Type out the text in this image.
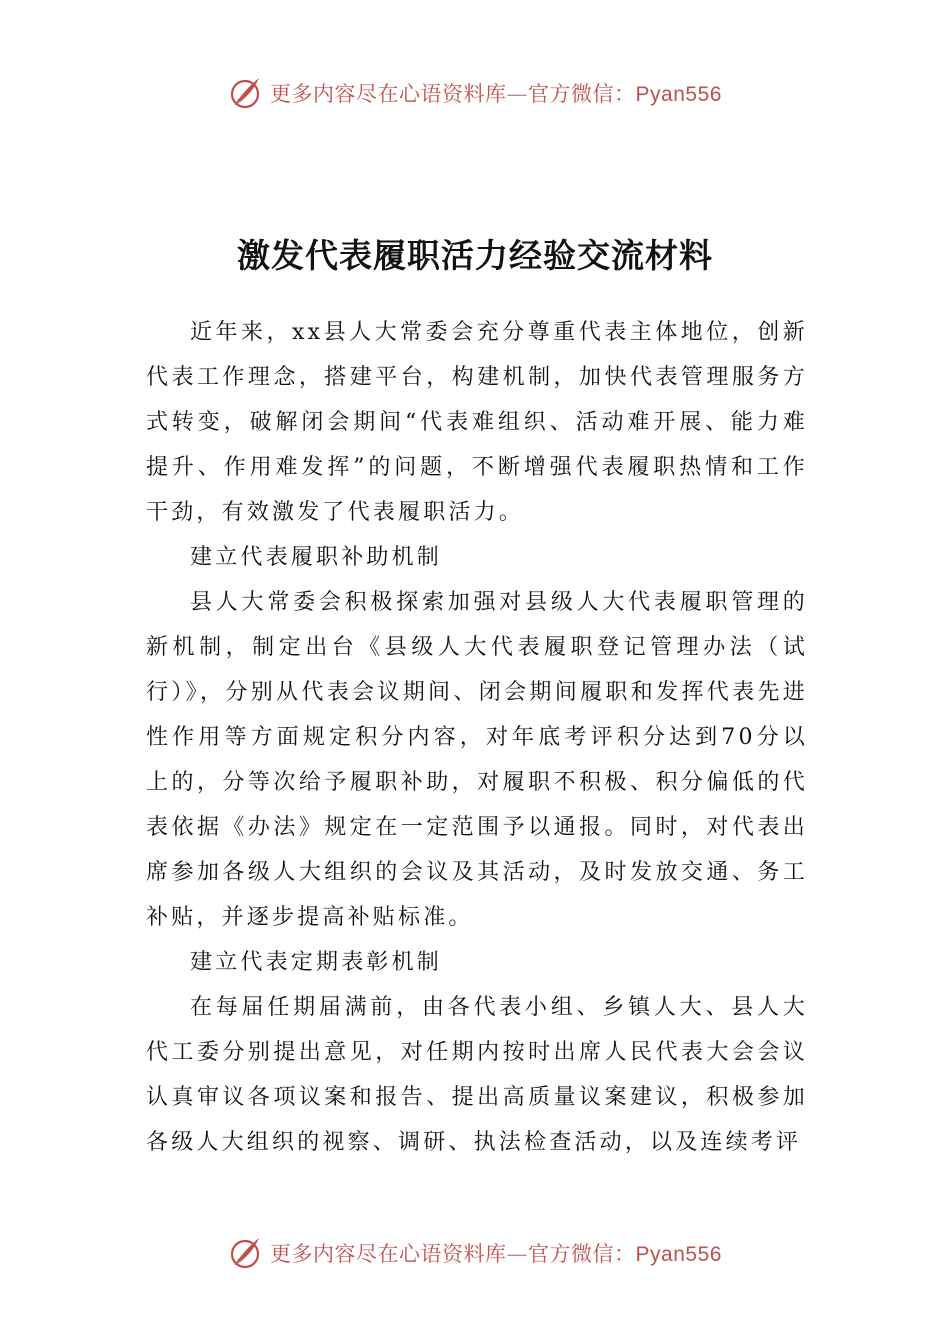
更多内容尽在心语资料库—官方微信：Pyan556
激发代表履职活力经验交流材料

近年来，xx县人大常委会充分尊重代表主体地位，创新代表工作理念，搭建平台，构建机制，加快代表管理服务方式转变，破解闭会期间“代表难组织、活动难开展、能力难提升、作用难发挥”的问题，不断增强代表履职热情和工作干劲，有效激发了代表履职活力。

建立代表履职补助机制

县人大常委会积极探索加强对县级人大代表履职管理的新机制，制定出台《县级人大代表履职登记管理办法（试行）》，分别从代表会议期间、闭会期间履职和发挥代表先进性作用等方面规定积分内容，对年底考评积分达到70分以上的，分等次给予履职补助，对履职不积极、积分偏低的代表依据《办法》规定在一定范围予以通报。同时，对代表出席参加各级人大组织的会议及其活动，及时发放交通、务工补贴，并逐步提高补贴标准。

建立代表定期表彰机制

在每届任期届满前，由各代表小组、乡镇人大、县人大代工委分别提出意见，对任期内按时出席人民代表大会会议认真审议各项议案和报告、提出高质量议案建议，积极参加各级人大组织的视察、调研、执法检查活动，以及连续考评

更多内容尽在心语资料库—官方微信：Pyan556
